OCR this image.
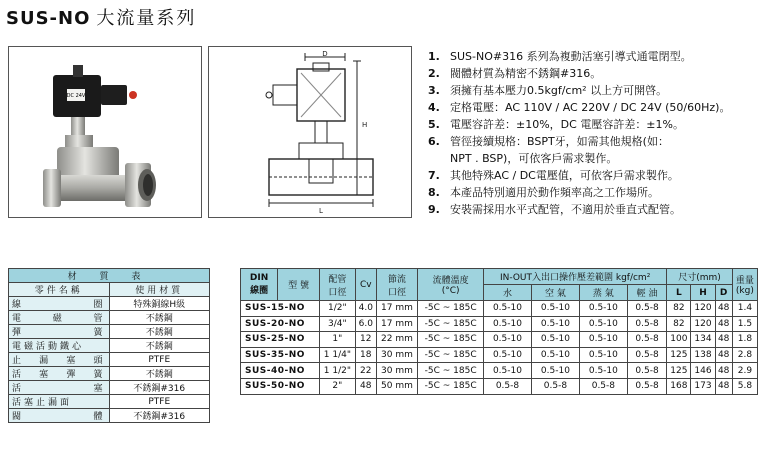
SUS-NO 大流量系列
DC 24V
D
H
L
1. SUS-NO#316 系列為複動活塞引導式通電閉型。
2. 閥體材質為精密不銹鋼#316。
3. 須擁有基本壓力0.5kgf/cm² 以上方可開啓。
4. 定格電壓：AC 110V / AC 220V / DC 24V (50/60Hz)。
5. 電壓容許差：±10%，DC 電壓容許差：±1%。
6. 管徑接續規格：BSPT牙，如需其他規格(如：
NPT . BSP)，可依客戶需求製作。
7. 其他特殊AC / DC電壓值，可依客戶需求製作。
8. 本產品特別適用於動作頻率高之工作場所。
9. 安裝需採用水平式配管，不適用於垂直式配管。
材 質 表	
零件名稱	使用材質
線 圈	特殊銅線H級
電 磁 管	不銹鋼
彈 簧	不銹鋼
電磁活動鐵心	不銹鋼
止 漏 塞 頭	PTFE
活 塞 彈 簧	不銹鋼
活 塞	不銹鋼#316
活塞止漏面	PTFE
閥 體	不銹鋼#316
DIN
線圈	型 號	配管
口徑	Cv	節流
口徑	流體溫度
(°C)	IN-OUT入出口操作壓差範圍 kgf/cm²				尺寸(mm)			重量
(kg)
						水	空 氣	蒸 氣	輕 油	L	H	D	
SUS-15-NO		1/2"	4.0	17 mm	-5C ~ 185C	0.5-10	0.5-10	0.5-10	0.5-8	82	120	48	1.4
SUS-20-NO		3/4"	6.0	17 mm	-5C ~ 185C	0.5-10	0.5-10	0.5-10	0.5-8	82	120	48	1.5
SUS-25-NO		1"	12	22 mm	-5C ~ 185C	0.5-10	0.5-10	0.5-10	0.5-8	100	134	48	1.8
SUS-35-NO		1 1/4"	18	30 mm	-5C ~ 185C	0.5-10	0.5-10	0.5-10	0.5-8	125	138	48	2.8
SUS-40-NO		1 1/2"	22	30 mm	-5C ~ 185C	0.5-10	0.5-10	0.5-10	0.5-8	125	146	48	2.9
SUS-50-NO		2"	48	50 mm	-5C ~ 185C	0.5-8	0.5-8	0.5-8	0.5-8	168	173	48	5.8
